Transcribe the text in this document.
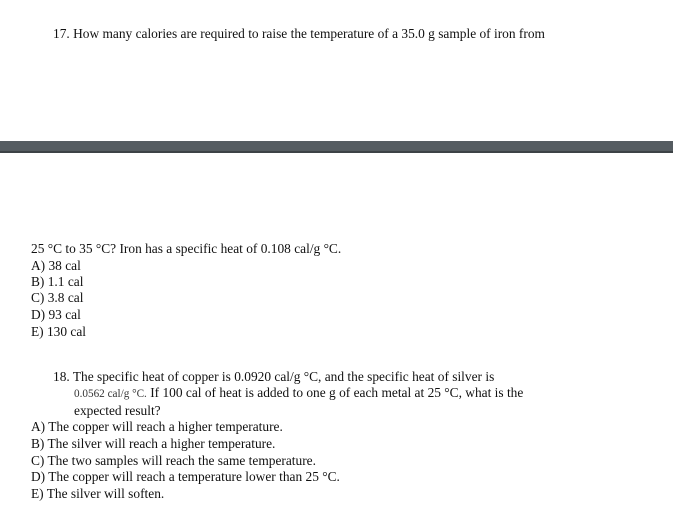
17. How many calories are required to raise the temperature of a 35.0 g sample of iron from
25 °C to 35 °C? Iron has a specific heat of 0.108 cal/g °C.
A) 38 cal
B) 1.1 cal
C) 3.8 cal
D) 93 cal
E) 130 cal
18. The specific heat of copper is 0.0920 cal/g °C, and the specific heat of silver is
0.0562 cal/g °C. If 100 cal of heat is added to one g of each metal at 25 °C, what is the
expected result?
A) The copper will reach a higher temperature.
B) The silver will reach a higher temperature.
C) The two samples will reach the same temperature.
D) The copper will reach a temperature lower than 25 °C.
E) The silver will soften.
